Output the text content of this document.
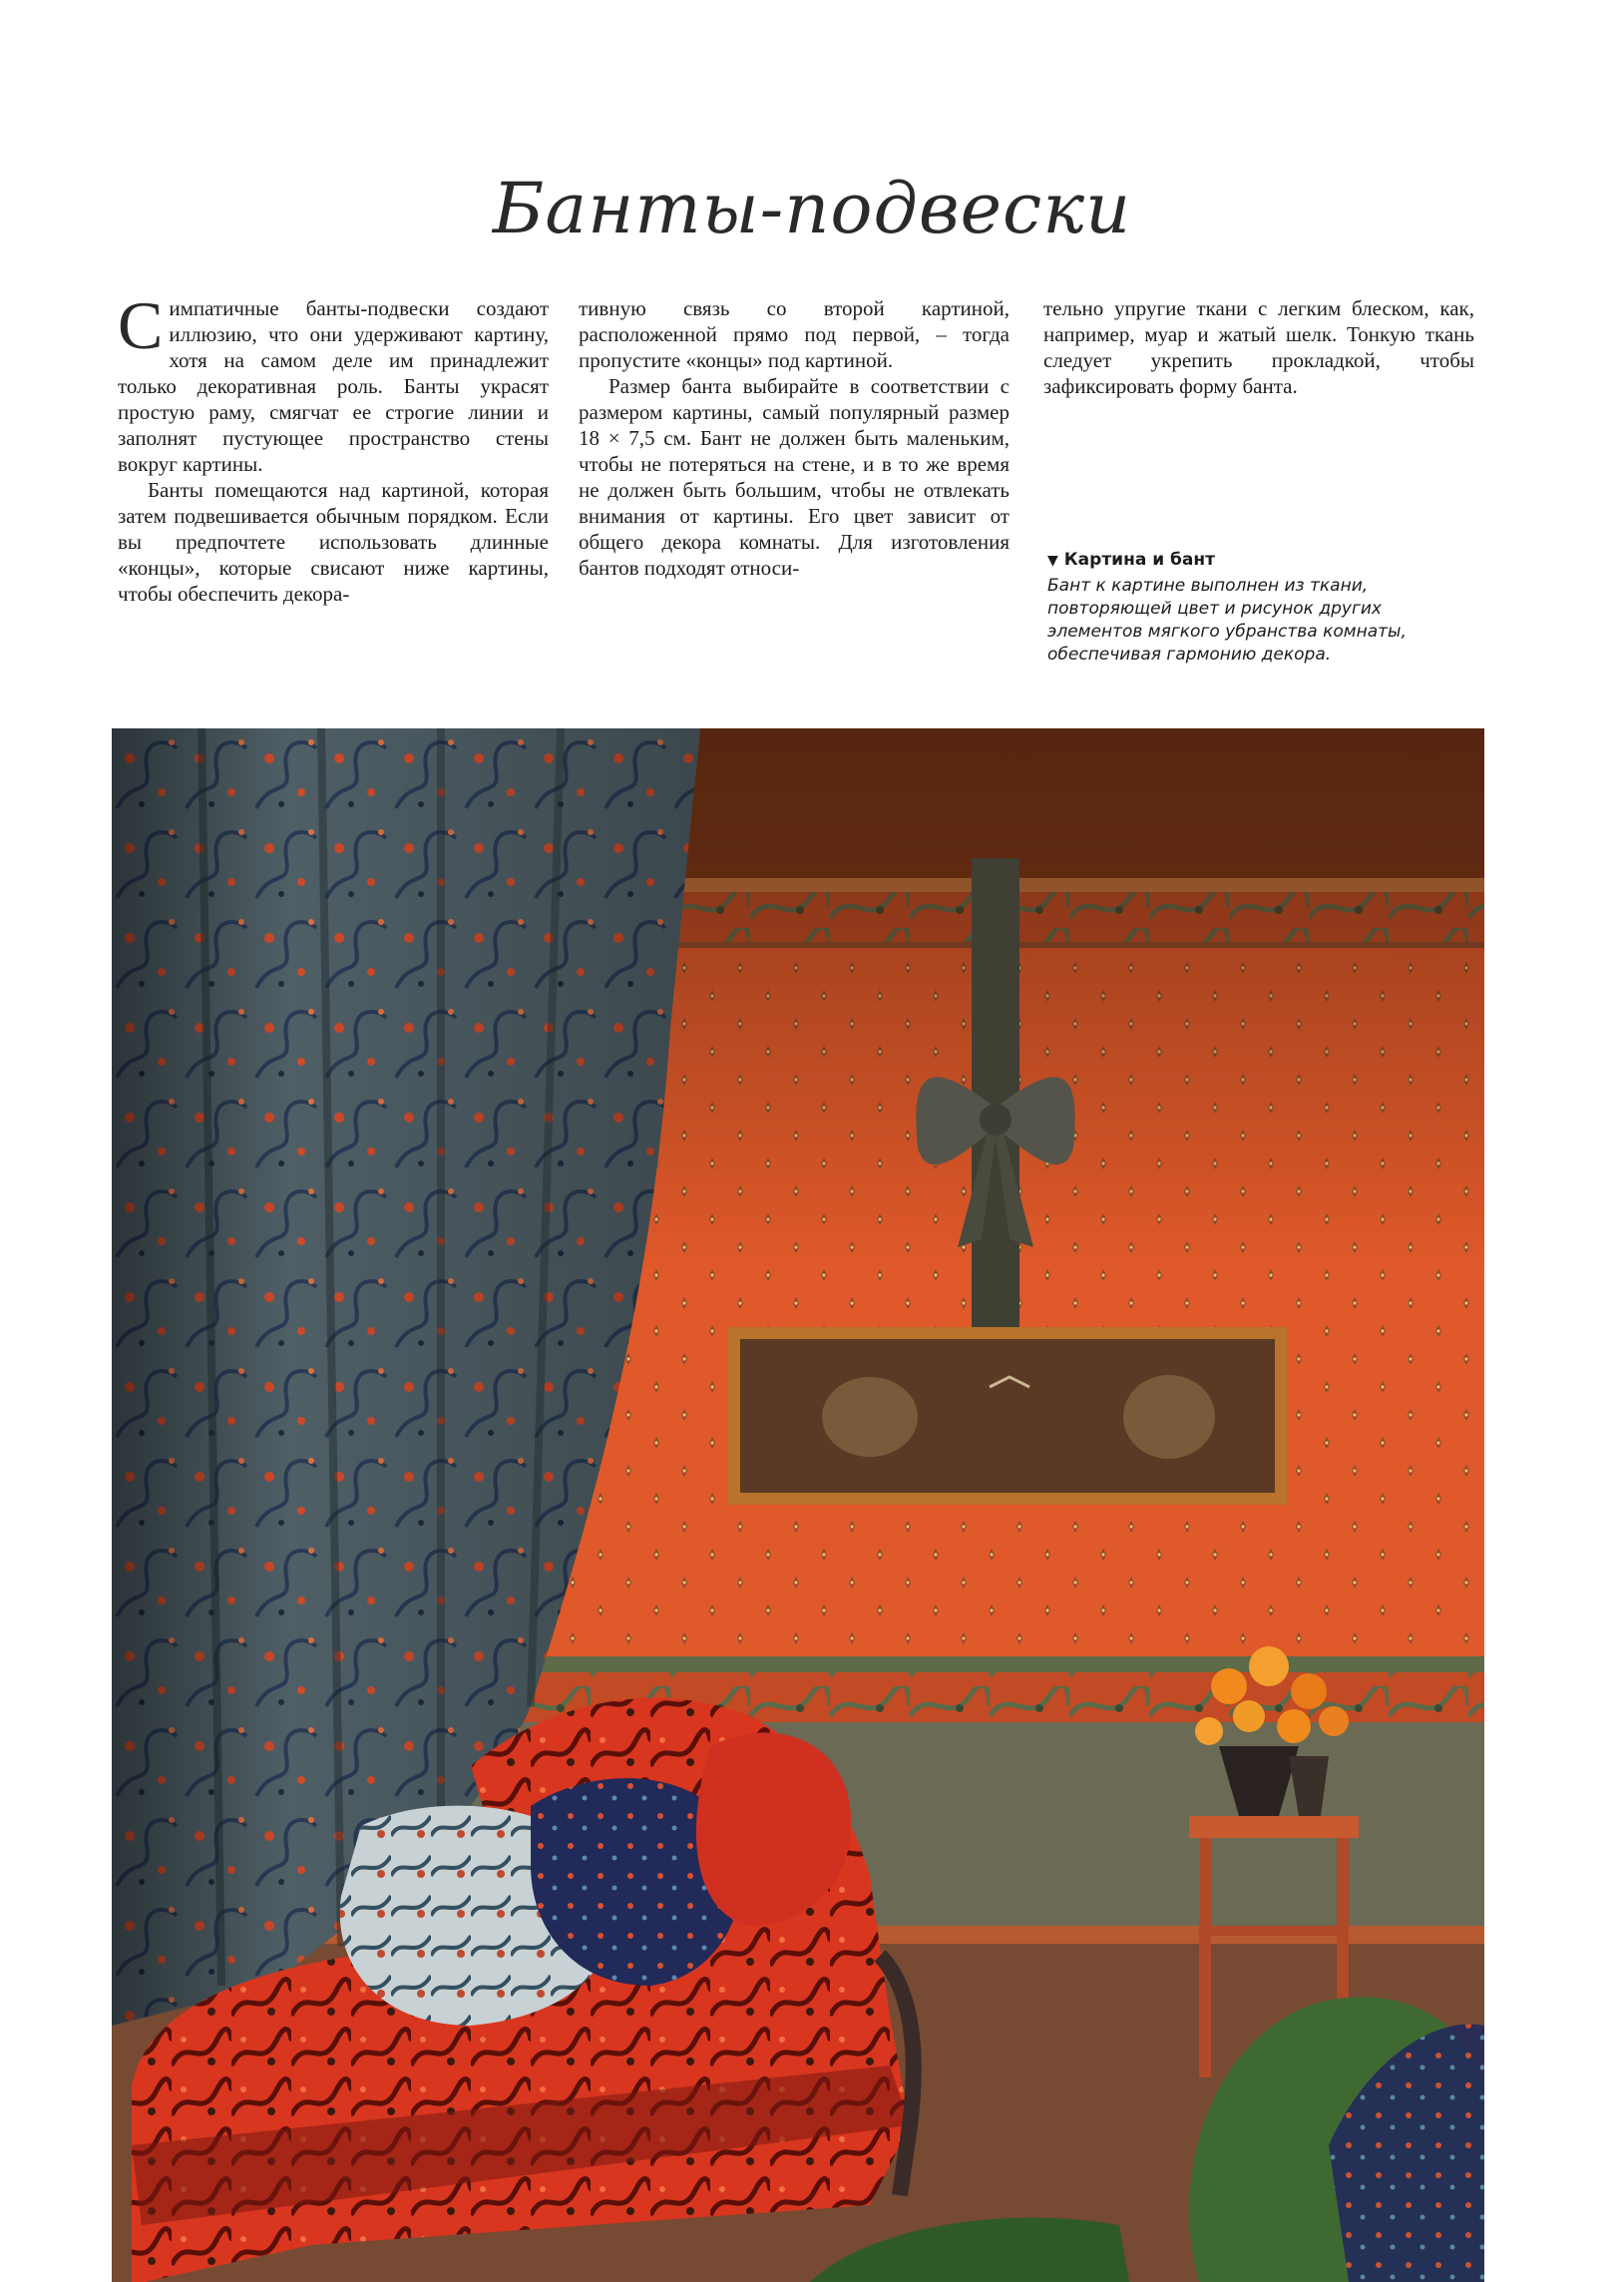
Банты-подвески

Симпатичные банты-подвески создают иллюзию, что они удерживают картину, хотя на самом деле им принадлежит только декоративная роль. Банты украсят простую раму, смягчат ее строгие линии и заполнят пустующее пространство стены вокруг картины.

Банты помещаются над картиной, которая затем подвешивается обычным порядком. Если вы предпочтете использовать длинные «концы», которые свисают ниже картины, чтобы обеспечить декора-

тивную связь со второй картиной, расположенной прямо под первой, – тогда пропустите «концы» под картиной.

Размер банта выбирайте в соответствии с размером картины, самый популярный размер 18 × 7,5 см. Бант не должен быть маленьким, чтобы не потеряться на стене, и в то же время не должен быть большим, чтобы не отвлекать внимания от картины. Его цвет зависит от общего декора комнаты. Для изготовления бантов подходят относи-

тельно упругие ткани с легким блеском, как, например, муар и жатый шелк. Тонкую ткань следует укрепить прокладкой, чтобы зафиксировать форму банта.

▼ Картина и бант
Бант к картине выполнен из ткани, повторяющей цвет и рисунок других элементов мягкого убранства комнаты, обеспечивая гармонию декора.
